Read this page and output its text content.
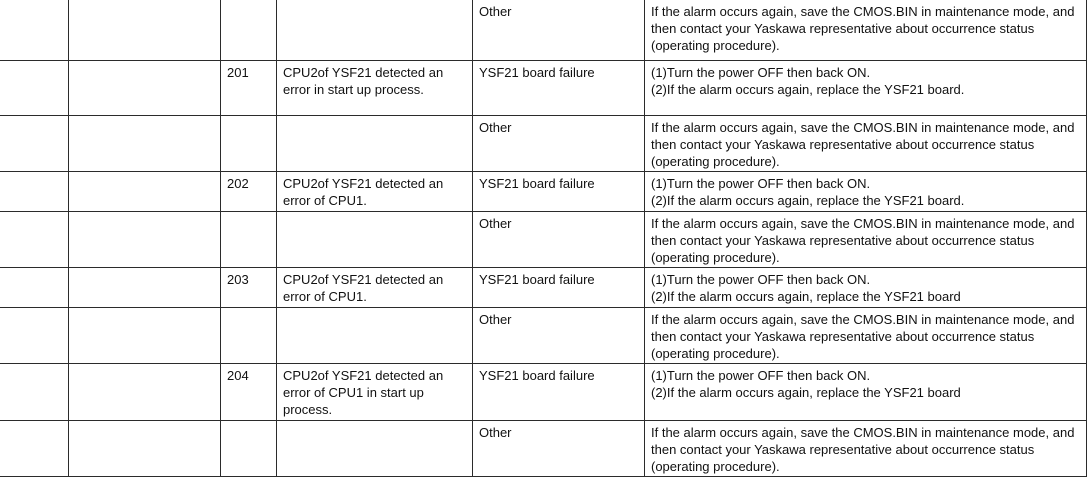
				Other	If the alarm occurs again, save the CMOS.BIN in maintenance mode, and then contact your Yaskawa representative about occurrence status (operating procedure).

		201	CPU2of YSF21 detected an error in start up process.	YSF21 board failure	(1)Turn the power OFF then back ON.
(2)If the alarm occurs again, replace the YSF21 board.

				Other	If the alarm occurs again, save the CMOS.BIN in maintenance mode, and then contact your Yaskawa representative about occurrence status (operating procedure).

		202	CPU2of YSF21 detected an error of CPU1.	YSF21 board failure	(1)Turn the power OFF then back ON.
(2)If the alarm occurs again, replace the YSF21 board.

				Other	If the alarm occurs again, save the CMOS.BIN in maintenance mode, and then contact your Yaskawa representative about occurrence status (operating procedure).

		203	CPU2of YSF21 detected an error of CPU1.	YSF21 board failure	(1)Turn the power OFF then back ON.
(2)If the alarm occurs again, replace the YSF21 board

				Other	If the alarm occurs again, save the CMOS.BIN in maintenance mode, and then contact your Yaskawa representative about occurrence status (operating procedure).

		204	CPU2of YSF21 detected an error of CPU1 in start up process.	YSF21 board failure	(1)Turn the power OFF then back ON.
(2)If the alarm occurs again, replace the YSF21 board

				Other	If the alarm occurs again, save the CMOS.BIN in maintenance mode, and then contact your Yaskawa representative about occurrence status (operating procedure).
